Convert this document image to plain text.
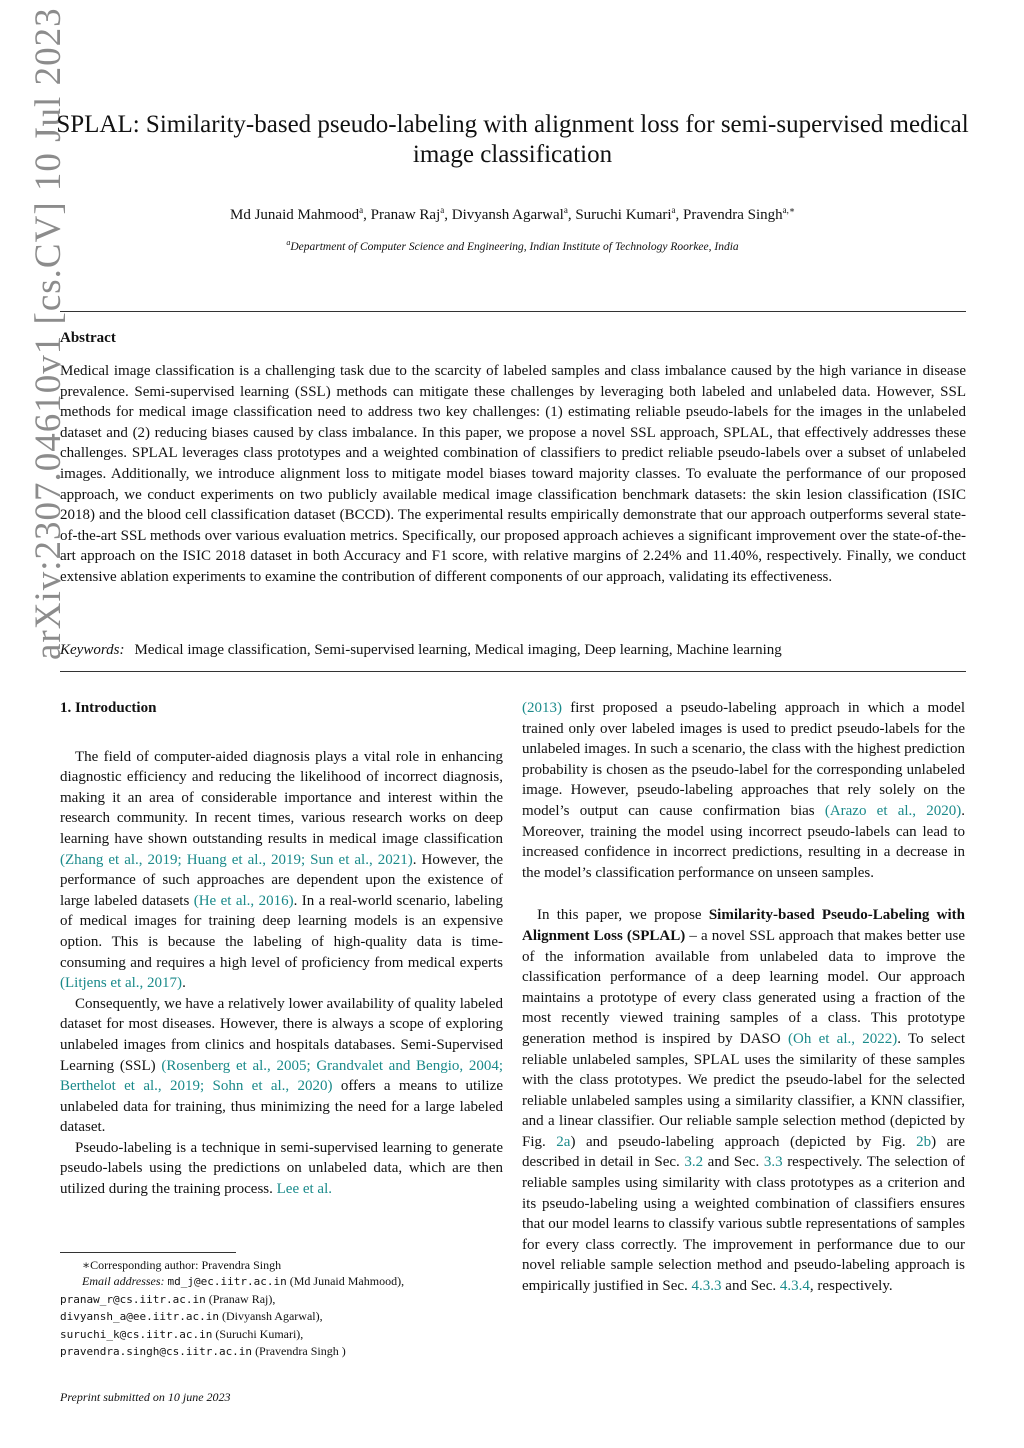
arXiv:2307.04610v1 [cs.CV] 10 Jul 2023
SPLAL: Similarity-based pseudo-labeling with alignment loss for semi-supervised medical image classification
Md Junaid Mahmood$^a$, Pranaw Raj$^a$, Divyansh Agarwal$^a$, Suruchi Kumari$^a$, Pravendra Singh$^{a,∗}$
$^a$Department of Computer Science and Engineering, Indian Institute of Technology Roorkee, India
Abstract

Medical image classification is a challenging task due to the scarcity of labeled samples and class imbalance caused by the high variance in disease prevalence. Semi-supervised learning (SSL) methods can mitigate these challenges by leveraging both labeled and unlabeled data. However, SSL methods for medical image classification need to address two key challenges: (1) estimating reliable pseudo-labels for the images in the unlabeled dataset and (2) reducing biases caused by class imbalance. In this paper, we propose a novel SSL approach, SPLAL, that effectively addresses these challenges. SPLAL leverages class prototypes and a weighted combination of classifiers to predict reliable pseudo-labels over a subset of unlabeled images. Additionally, we introduce alignment loss to mitigate model biases toward majority classes. To evaluate the performance of our proposed approach, we conduct experiments on two publicly available medical image classification benchmark datasets: the skin lesion classification (ISIC 2018) and the blood cell classification dataset (BCCD). The experimental results empirically demonstrate that our approach outperforms several state-of-the-art SSL methods over various evaluation metrics. Specifically, our proposed approach achieves a significant improvement over the state-of-the-art approach on the ISIC 2018 dataset in both Accuracy and F1 score, with relative margins of 2.24% and 11.40%, respectively. Finally, we conduct extensive ablation experiments to examine the contribution of different components of our approach, validating its effectiveness.

Keywords: Medical image classification, Semi-supervised learning, Medical imaging, Deep learning, Machine learning

1. Introduction

The field of computer-aided diagnosis plays a vital role in enhancing diagnostic efficiency and reducing the likelihood of incorrect diagnosis, making it an area of considerable importance and interest within the research community. In recent times, various research works on deep learning have shown outstanding results in medical image classification (Zhang et al., 2019; Huang et al., 2019; Sun et al., 2021). However, the performance of such approaches are dependent upon the existence of large labeled datasets (He et al., 2016). In a real-world scenario, labeling of medical images for training deep learning models is an expensive option. This is because the labeling of high-quality data is time-consuming and requires a high level of proficiency from medical experts (Litjens et al., 2017).

Consequently, we have a relatively lower availability of quality labeled dataset for most diseases. However, there is always a scope of exploring unlabeled images from clinics and hospitals databases. Semi-Supervised Learning (SSL) (Rosenberg et al., 2005; Grandvalet and Bengio, 2004; Berthelot et al., 2019; Sohn et al., 2020) offers a means to utilize unlabeled data for training, thus minimizing the need for a large labeled dataset.

Pseudo-labeling is a technique in semi-supervised learning to generate pseudo-labels using the predictions on unlabeled data, which are then utilized during the training process. Lee et al.

(2013) first proposed a pseudo-labeling approach in which a model trained only over labeled images is used to predict pseudo-labels for the unlabeled images. In such a scenario, the class with the highest prediction probability is chosen as the pseudo-label for the corresponding unlabeled image. However, pseudo-labeling approaches that rely solely on the model’s output can cause confirmation bias (Arazo et al., 2020). Moreover, training the model using incorrect pseudo-labels can lead to increased confidence in incorrect predictions, resulting in a decrease in the model’s classification performance on unseen samples.

In this paper, we propose Similarity-based Pseudo-Labeling with Alignment Loss (SPLAL) – a novel SSL approach that makes better use of the information available from unlabeled data to improve the classification performance of a deep learning model. Our approach maintains a prototype of every class generated using a fraction of the most recently viewed training samples of a class. This prototype generation method is inspired by DASO (Oh et al., 2022). To select reliable unlabeled samples, SPLAL uses the similarity of these samples with the class prototypes. We predict the pseudo-label for the selected reliable unlabeled samples using a similarity classifier, a KNN classifier, and a linear classifier. Our reliable sample selection method (depicted by Fig. 2a) and pseudo-labeling approach (depicted by Fig. 2b) are described in detail in Sec. 3.2 and Sec. 3.3 respectively. The selection of reliable samples using similarity with class prototypes as a criterion and its pseudo-labeling using a weighted combination of classifiers ensures that our model learns to classify various subtle representations of samples for every class correctly. The improvement in performance due to our novel reliable sample selection method and pseudo-labeling approach is empirically justified in Sec. 4.3.3 and Sec. 4.3.4, respectively.

∗Corresponding author: Pravendra Singh
Email addresses: md_j@ec.iitr.ac.in (Md Junaid Mahmood),
pranaw_r@cs.iitr.ac.in (Pranaw Raj),
divyansh_a@ee.iitr.ac.in (Divyansh Agarwal),
suruchi_k@cs.iitr.ac.in (Suruchi Kumari),
pravendra.singh@cs.iitr.ac.in (Pravendra Singh )
Preprint submitted on 10 june 2023
